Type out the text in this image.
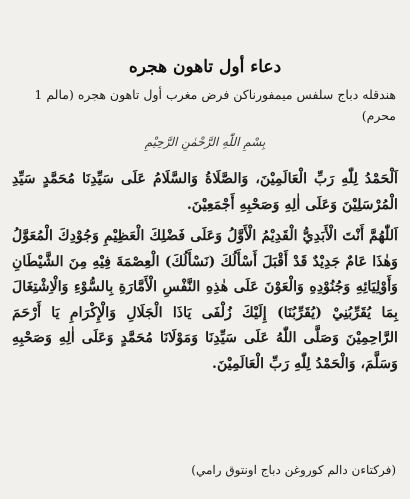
دعاء أول تاهون هجره
هندقله دباج سلفس ميمفورناكن فرض مغرب أول تاهون هجره (مالم 1 محرم)
بِسْمِ اللّٰهِ الرَّحْمٰنِ الرَّحِيْمِ

اَلْحَمْدُ لِلّٰهِ رَبِّ الْعَالَمِيْنَ، وَالصَّلَاةُ وَالسَّلَامُ عَلَى سَيِّدِنَا مُحَمَّدٍ سَيِّدِ الْمُرْسَلِيْنَ وَعَلَى اٰلِهِ وَصَحْبِهِ أَجْمَعِيْنَ.

اَللّٰهُمَّ أَنْتَ الْأَبَدِيُّ الْقَدِيْمُ الْأَوَّلُ وَعَلَى فَضْلِكَ الْعَظِيْمِ وَجُوْدِكَ الْمُعَوَّلُ وَهٰذَا عَامٌ جَدِيْدٌ قَدْ أَقْبَلَ أَسْأَلُكَ (نَسْأَلُكَ) الْعِصْمَةَ فِيْهِ مِنَ الشَّيْطَانِ وَأَوْلِيَائِهِ وَجُنُوْدِهِ وَالْعَوْنَ عَلَى هٰذِهِ النَّفْسِ الْأَمَّارَةِ بِالسُّوْءِ وَالْاِشْتِغَالَ بِمَا يُقَرِّبُنِيْ (يُقَرِّبُنَا) إِلَيْكَ زُلْفَى يَاذَا الْجَلَالِ وَالْإِكْرَامِ يَا أَرْحَمَ الرَّاحِمِيْنَ وَصَلَّى اللّٰهُ عَلَى سَيِّدِنَا وَمَوْلَانَا مُحَمَّدٍ وَعَلَى اٰلِهِ وَصَحْبِهِ وَسَلَّمَ، وَالْحَمْدُ لِلّٰهِ رَبِّ الْعَالَمِيْنَ.

(فركتاءن دالم كوروغن دباج اونتوق رامي)
